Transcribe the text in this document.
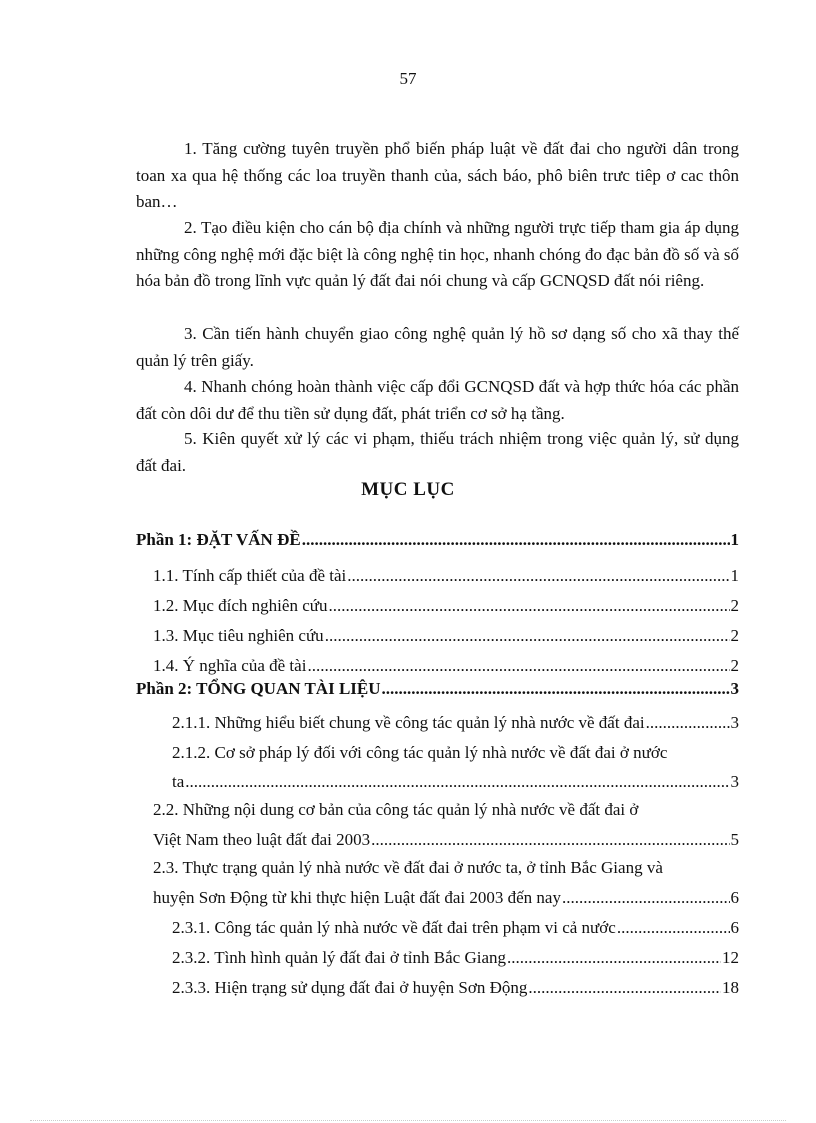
57

1. Tăng cường tuyên truyền phổ biến pháp luật về đất đai cho người dân trong toan xa qua hệ thống các loa truyền thanh của, sách báo, phô biên trưc tiêp ơ cac thôn ban…

2. Tạo điều kiện cho cán bộ địa chính và những người trực tiếp tham gia áp dụng những công nghệ mới đặc biệt là công nghệ tin học, nhanh chóng đo đạc bản đồ số và số hóa bản đồ trong lĩnh vực quản lý đất đai nói chung và cấp GCNQSD đất nói riêng.

3. Cần tiến hành chuyển giao công nghệ quản lý hồ sơ dạng số cho xã thay thế quản lý trên giấy.

4. Nhanh chóng hoàn thành việc cấp đổi GCNQSD đất và hợp thức hóa các phần đất còn dôi dư để thu tiền sử dụng đất, phát triển cơ sở hạ tầng.

5. Kiên quyết xử lý các vi phạm, thiếu trách nhiệm trong việc quản lý, sử dụng đất đai.

MỤC LỤC
Phần 1: ĐẶT VẤN ĐỀ .....	1
1.1. Tính cấp thiết của đề tài .....	1
1.2. Mục đích nghiên cứu .....	2
1.3. Mục tiêu nghiên cứu .....	2
1.4. Ý nghĩa của đề tài .....	2
Phần 2: TỔNG QUAN TÀI LIỆU .....	3
2.1.1. Những hiểu biết chung về công tác quản lý nhà nước về đất đai .....	3
2.1.2. Cơ sở pháp lý đối với công tác quản lý nhà nước về đất đai ở nước
ta .....	3
2.2. Những nội dung cơ bản của công tác quản lý nhà nước về đất đai ở
Việt Nam theo luật đất đai 2003 .....	5
2.3. Thực trạng quản lý nhà nước về đất đai ở nước ta, ở tỉnh Bắc Giang và
huyện Sơn Động từ khi thực hiện Luật đất đai 2003 đến nay .....	6
2.3.1. Công tác quản lý nhà nước về đất đai trên phạm vi cả nước .....	6
2.3.2. Tình hình quản lý đất đai ở tỉnh Bắc Giang .....	12
2.3.3. Hiện trạng sử dụng đất đai ở huyện Sơn Động .....	18
